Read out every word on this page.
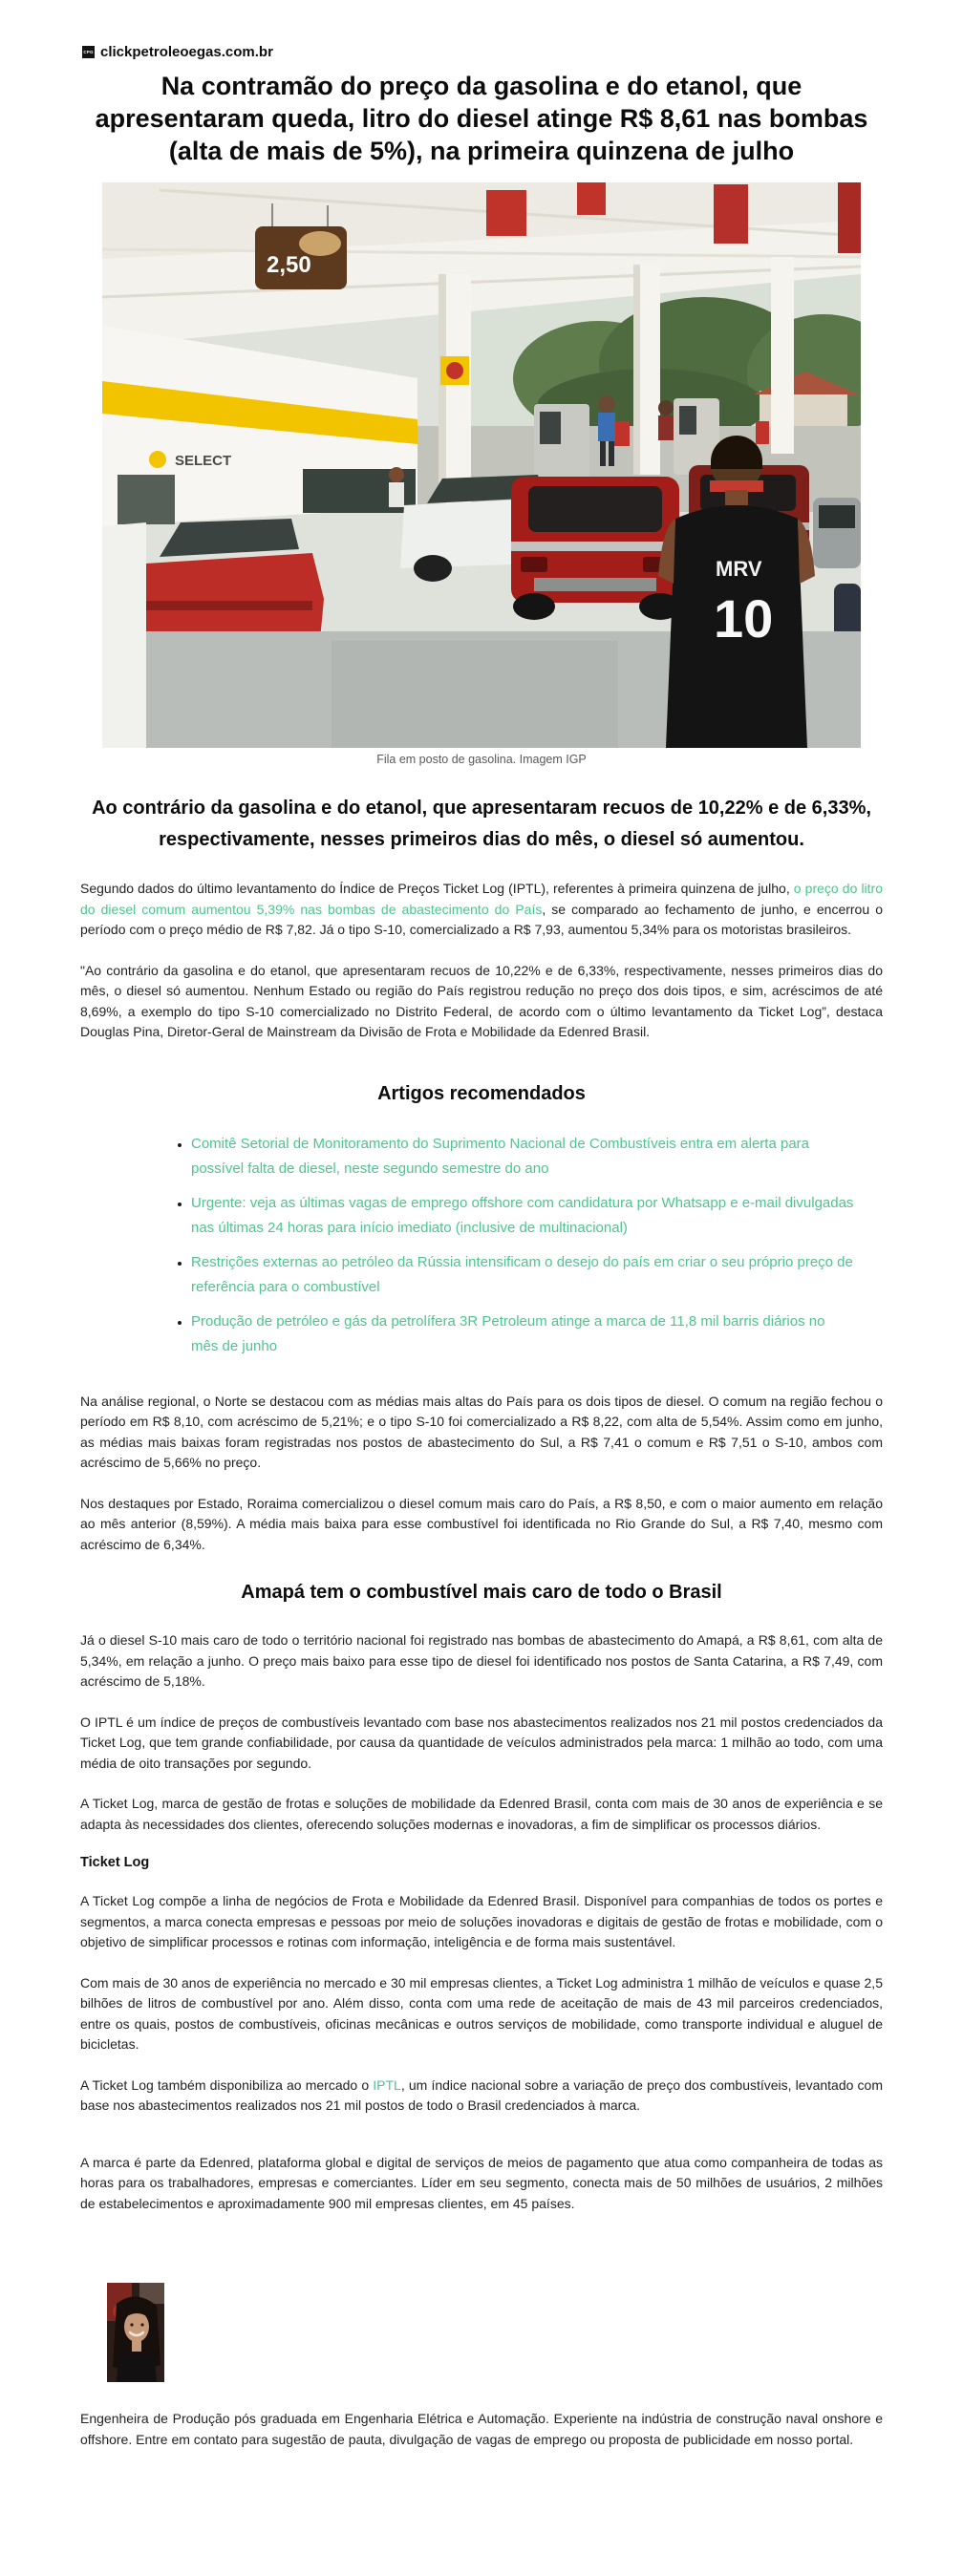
CPG clickpetroleoegas.com.br
Na contramão do preço da gasolina e do etanol, que apresentaram queda, litro do diesel atinge R$ 8,61 nas bombas (alta de mais de 5%), na primeira quinzena de julho
SELECT
2,50
MRV
10
Fila em posto de gasolina. Imagem IGP
Ao contrário da gasolina e do etanol, que apresentaram recuos de 10,22% e de 6,33%, respectivamente, nesses primeiros dias do mês, o diesel só aumentou.

Segundo dados do último levantamento do Índice de Preços Ticket Log (IPTL), referentes à primeira quinzena de julho, o preço do litro do diesel comum aumentou 5,39% nas bombas de abastecimento do País, se comparado ao fechamento de junho, e encerrou o período com o preço médio de R$ 7,82. Já o tipo S-10, comercializado a R$ 7,93, aumentou 5,34% para os motoristas brasileiros.

"Ao contrário da gasolina e do etanol, que apresentaram recuos de 10,22% e de 6,33%, respectivamente, nesses primeiros dias do mês, o diesel só aumentou. Nenhum Estado ou região do País registrou redução no preço dos dois tipos, e sim, acréscimos de até 8,69%, a exemplo do tipo S-10 comercializado no Distrito Federal, de acordo com o último levantamento da Ticket Log”, destaca Douglas Pina, Diretor-Geral de Mainstream da Divisão de Frota e Mobilidade da Edenred Brasil.

Artigos recomendados
• Comitê Setorial de Monitoramento do Suprimento Nacional de Combustíveis entra em alerta para possível falta de diesel, neste segundo semestre do ano
• Urgente: veja as últimas vagas de emprego offshore com candidatura por Whatsapp e e-mail divulgadas nas últimas 24 horas para início imediato (inclusive de multinacional)
• Restrições externas ao petróleo da Rússia intensificam o desejo do país em criar o seu próprio preço de referência para o combustível
• Produção de petróleo e gás da petrolífera 3R Petroleum atinge a marca de 11,8 mil barris diários no mês de junho

Na análise regional, o Norte se destacou com as médias mais altas do País para os dois tipos de diesel. O comum na região fechou o período em R$ 8,10, com acréscimo de 5,21%; e o tipo S-10 foi comercializado a R$ 8,22, com alta de 5,54%. Assim como em junho, as médias mais baixas foram registradas nos postos de abastecimento do Sul, a R$ 7,41 o comum e R$ 7,51 o S-10, ambos com acréscimo de 5,66% no preço.

Nos destaques por Estado, Roraima comercializou o diesel comum mais caro do País, a R$ 8,50, e com o maior aumento em relação ao mês anterior (8,59%). A média mais baixa para esse combustível foi identificada no Rio Grande do Sul, a R$ 7,40, mesmo com acréscimo de 6,34%.

Amapá tem o combustível mais caro de todo o Brasil

Já o diesel S-10 mais caro de todo o território nacional foi registrado nas bombas de abastecimento do Amapá, a R$ 8,61, com alta de 5,34%, em relação a junho. O preço mais baixo para esse tipo de diesel foi identificado nos postos de Santa Catarina, a R$ 7,49, com acréscimo de 5,18%.

O IPTL é um índice de preços de combustíveis levantado com base nos abastecimentos realizados nos 21 mil postos credenciados da Ticket Log, que tem grande confiabilidade, por causa da quantidade de veículos administrados pela marca: 1 milhão ao todo, com uma média de oito transações por segundo.

A Ticket Log, marca de gestão de frotas e soluções de mobilidade da Edenred Brasil, conta com mais de 30 anos de experiência e se adapta às necessidades dos clientes, oferecendo soluções modernas e inovadoras, a fim de simplificar os processos diários.

Ticket Log

A Ticket Log compõe a linha de negócios de Frota e Mobilidade da Edenred Brasil. Disponível para companhias de todos os portes e segmentos, a marca conecta empresas e pessoas por meio de soluções inovadoras e digitais de gestão de frotas e mobilidade, com o objetivo de simplificar processos e rotinas com informação, inteligência e de forma mais sustentável.

Com mais de 30 anos de experiência no mercado e 30 mil empresas clientes, a Ticket Log administra 1 milhão de veículos e quase 2,5 bilhões de litros de combustível por ano. Além disso, conta com uma rede de aceitação de mais de 43 mil parceiros credenciados, entre os quais, postos de combustíveis, oficinas mecânicas e outros serviços de mobilidade, como transporte individual e aluguel de bicicletas.

A Ticket Log também disponibiliza ao mercado o IPTL, um índice nacional sobre a variação de preço dos combustíveis, levantado com base nos abastecimentos realizados nos 21 mil postos de todo o Brasil credenciados à marca.

A marca é parte da Edenred, plataforma global e digital de serviços de meios de pagamento que atua como companheira de todas as horas para os trabalhadores, empresas e comerciantes. Líder em seu segmento, conecta mais de 50 milhões de usuários, 2 milhões de estabelecimentos e aproximadamente 900 mil empresas clientes, em 45 países.

Engenheira de Produção pós graduada em Engenharia Elétrica e Automação. Experiente na indústria de construção naval onshore e offshore. Entre em contato para sugestão de pauta, divulgação de vagas de emprego ou proposta de publicidade em nosso portal.
